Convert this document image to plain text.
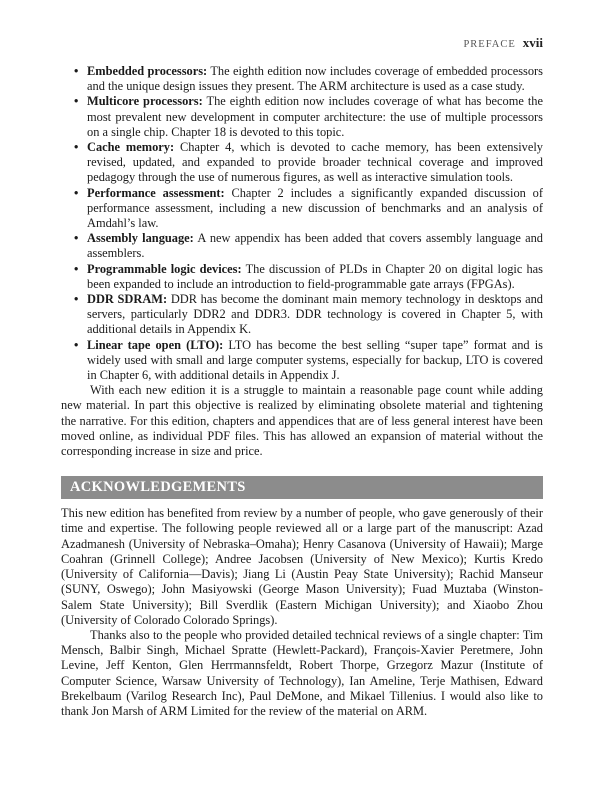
PREFACE xvii
• Embedded processors: The eighth edition now includes coverage of embedded processors and the unique design issues they present. The ARM architecture is used as a case study.
• Multicore processors: The eighth edition now includes coverage of what has become the most prevalent new development in computer architecture: the use of multiple processors on a single chip. Chapter 18 is devoted to this topic.
• Cache memory: Chapter 4, which is devoted to cache memory, has been extensively revised, updated, and expanded to provide broader technical coverage and improved pedagogy through the use of numerous figures, as well as interactive simulation tools.
• Performance assessment: Chapter 2 includes a significantly expanded discussion of performance assessment, including a new discussion of benchmarks and an analysis of Amdahl’s law.
• Assembly language: A new appendix has been added that covers assembly language and assemblers.
• Programmable logic devices: The discussion of PLDs in Chapter 20 on digital logic has been expanded to include an introduction to field-programmable gate arrays (FPGAs).
• DDR SDRAM: DDR has become the dominant main memory technology in desktops and servers, particularly DDR2 and DDR3. DDR technology is covered in Chapter 5, with additional details in Appendix K.
• Linear tape open (LTO): LTO has become the best selling “super tape” format and is widely used with small and large computer systems, especially for backup, LTO is covered in Chapter 6, with additional details in Appendix J.

With each new edition it is a struggle to maintain a reasonable page count while adding new material. In part this objective is realized by eliminating obsolete material and tightening the narrative. For this edition, chapters and appendices that are of less general interest have been moved online, as individual PDF files. This has allowed an expansion of material without the corresponding increase in size and price.

ACKNOWLEDGEMENTS

This new edition has benefited from review by a number of people, who gave generously of their time and expertise. The following people reviewed all or a large part of the manuscript: Azad Azadmanesh (University of Nebraska–Omaha); Henry Casanova (University of Hawaii); Marge Coahran (Grinnell College); Andree Jacobsen (University of New Mexico); Kurtis Kredo (University of California—Davis); Jiang Li (Austin Peay State University); Rachid Manseur (SUNY, Oswego); John Masiyowski (George Mason University); Fuad Muztaba (Winston-Salem State University); Bill Sverdlik (Eastern Michigan University); and Xiaobo Zhou (University of Colorado Colorado Springs).

Thanks also to the people who provided detailed technical reviews of a single chapter: Tim Mensch, Balbir Singh, Michael Spratte (Hewlett-Packard), François-Xavier Peretmere, John Levine, Jeff Kenton, Glen Herrmannsfeldt, Robert Thorpe, Grzegorz Mazur (Institute of Computer Science, Warsaw University of Technology), Ian Ameline, Terje Mathisen, Edward Brekelbaum (Varilog Research Inc), Paul DeMone, and Mikael Tillenius. I would also like to thank Jon Marsh of ARM Limited for the review of the material on ARM.
